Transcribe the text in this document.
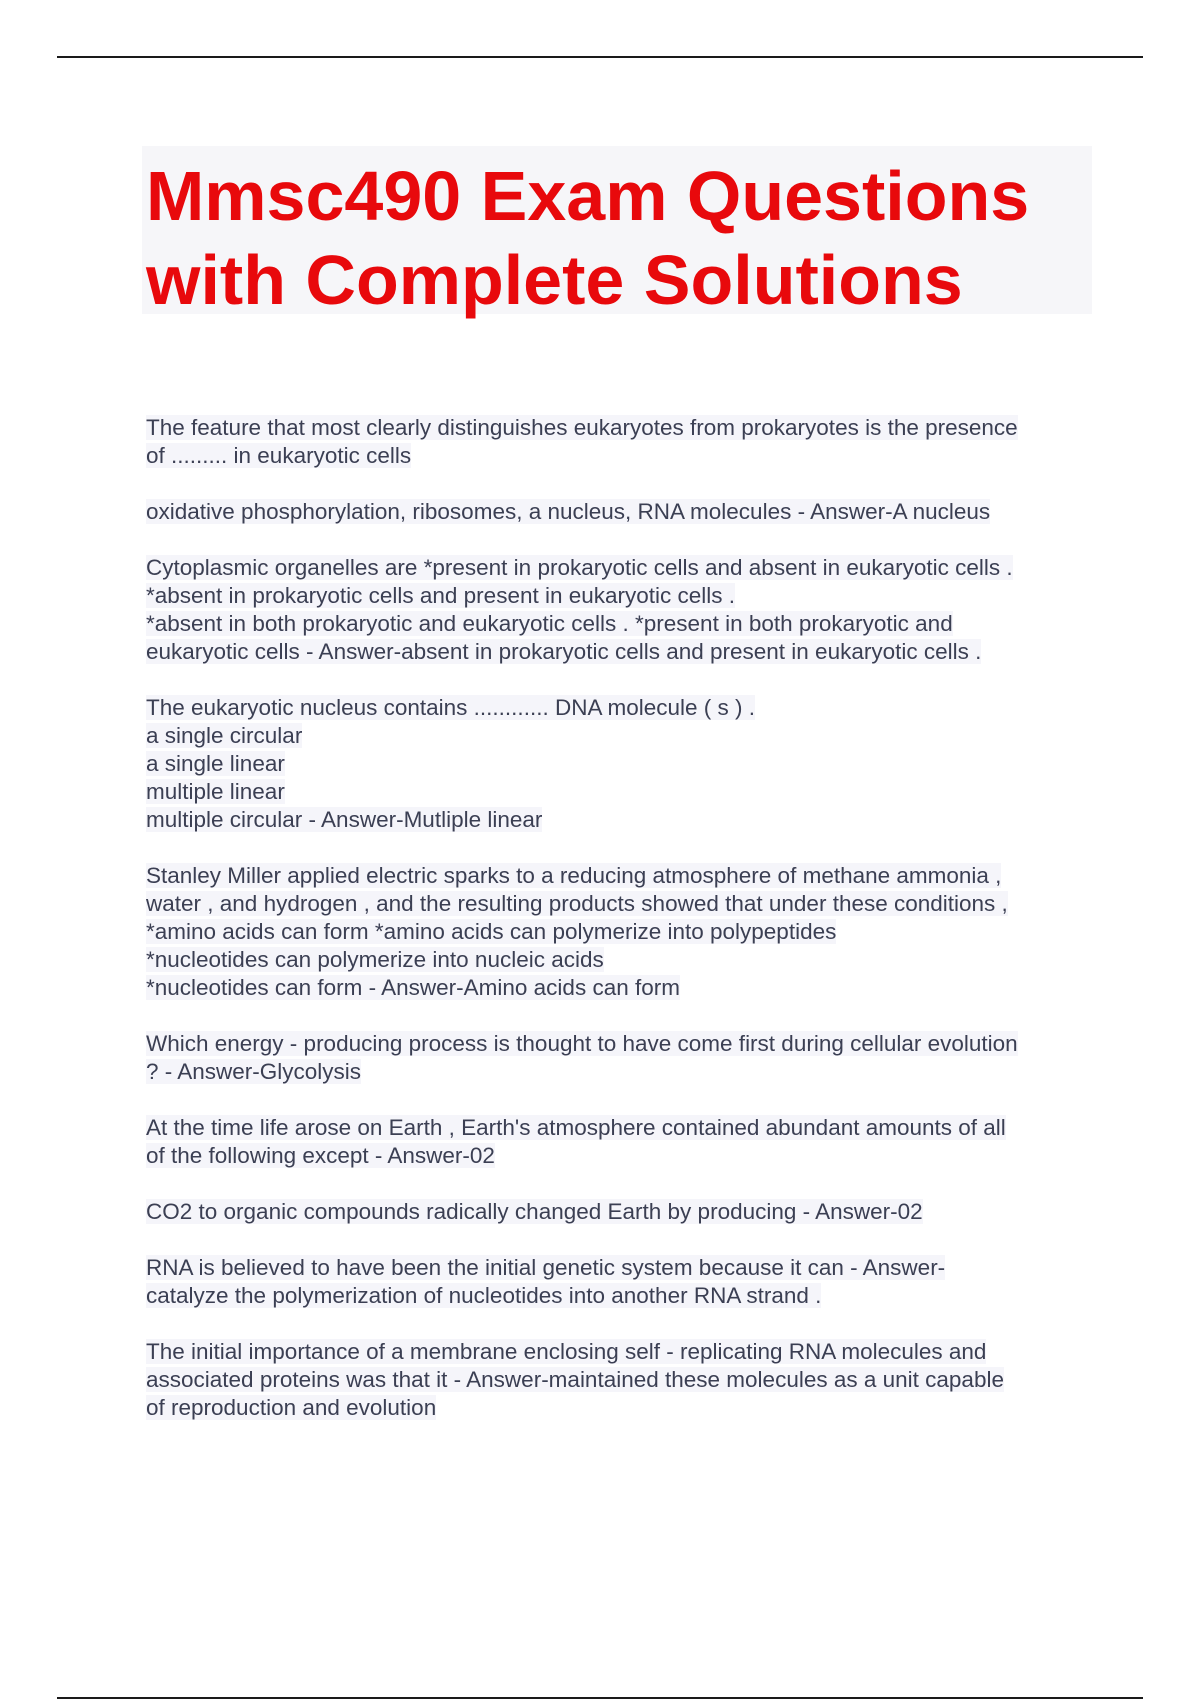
Mmsc490 Exam Questions

with Complete Solutions

The feature that most clearly distinguishes eukaryotes from prokaryotes is the presence
of ......... in eukaryotic cells
oxidative phosphorylation, ribosomes, a nucleus, RNA molecules - Answer-A nucleus
Cytoplasmic organelles are *present in prokaryotic cells and absent in eukaryotic cells .
*absent in prokaryotic cells and present in eukaryotic cells .
*absent in both prokaryotic and eukaryotic cells . *present in both prokaryotic and
eukaryotic cells - Answer-absent in prokaryotic cells and present in eukaryotic cells .
The eukaryotic nucleus contains ............ DNA molecule ( s ) .
a single circular
a single linear
multiple linear
multiple circular - Answer-Mutliple linear
Stanley Miller applied electric sparks to a reducing atmosphere of methane ammonia ,
water , and hydrogen , and the resulting products showed that under these conditions ,
*amino acids can form *amino acids can polymerize into polypeptides
*nucleotides can polymerize into nucleic acids
*nucleotides can form - Answer-Amino acids can form
Which energy - producing process is thought to have come first during cellular evolution
? - Answer-Glycolysis
At the time life arose on Earth , Earth's atmosphere contained abundant amounts of all
of the following except - Answer-02
CO2 to organic compounds radically changed Earth by producing - Answer-02
RNA is believed to have been the initial genetic system because it can - Answer-
catalyze the polymerization of nucleotides into another RNA strand .
The initial importance of a membrane enclosing self - replicating RNA molecules and
associated proteins was that it - Answer-maintained these molecules as a unit capable
of reproduction and evolution
